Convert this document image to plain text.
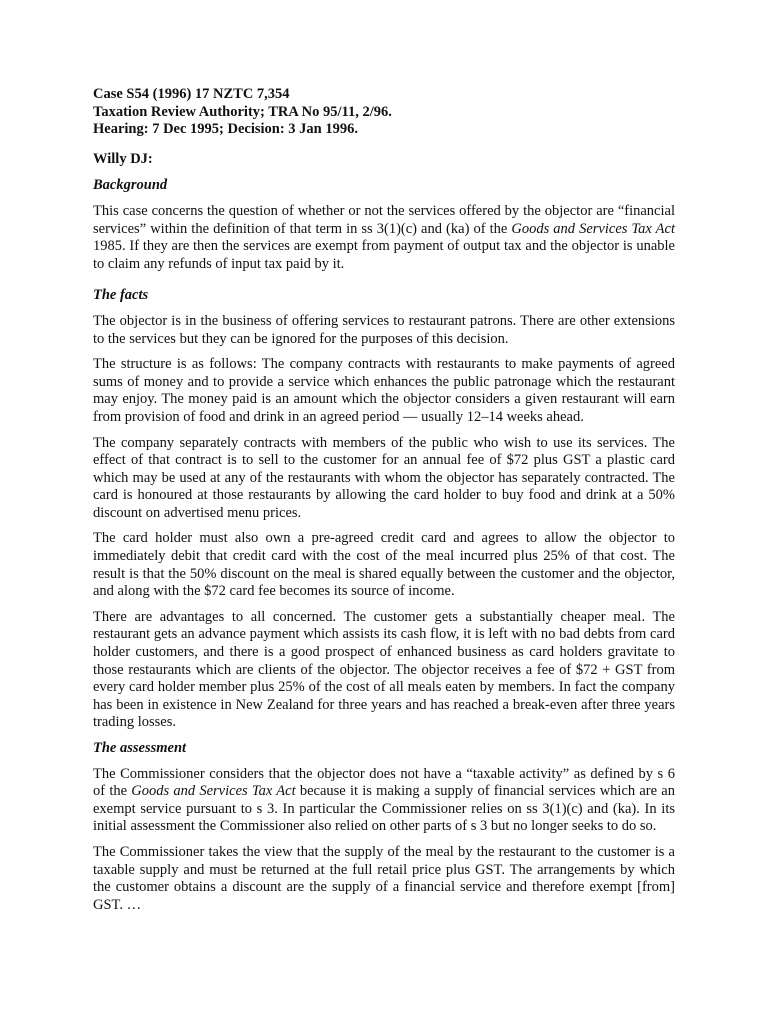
Case S54 (1996) 17 NZTC 7,354
Taxation Review Authority; TRA No 95/11, 2/96.
Hearing: 7 Dec 1995; Decision: 3 Jan 1996.
Willy DJ:
Background

This case concerns the question of whether or not the services offered by the objector are “financial services” within the definition of that term in ss 3(1)(c) and (ka) of the Goods and Services Tax Act 1985. If they are then the services are exempt from payment of output tax and the objector is unable to claim any refunds of input tax paid by it.

The facts

The objector is in the business of offering services to restaurant patrons. There are other extensions to the services but they can be ignored for the purposes of this decision.

The structure is as follows: The company contracts with restaurants to make payments of agreed sums of money and to provide a service which enhances the public patronage which the restaurant may enjoy. The money paid is an amount which the objector considers a given restaurant will earn from provision of food and drink in an agreed period — usually 12–14 weeks ahead.

The company separately contracts with members of the public who wish to use its services. The effect of that contract is to sell to the customer for an annual fee of $72 plus GST a plastic card which may be used at any of the restaurants with whom the objector has separately contracted. The card is honoured at those restaurants by allowing the card holder to buy food and drink at a 50% discount on advertised menu prices.

The card holder must also own a pre-agreed credit card and agrees to allow the objector to immediately debit that credit card with the cost of the meal incurred plus 25% of that cost. The result is that the 50% discount on the meal is shared equally between the customer and the objector, and along with the $72 card fee becomes its source of income.

There are advantages to all concerned. The customer gets a substantially cheaper meal. The restaurant gets an advance payment which assists its cash flow, it is left with no bad debts from card holder customers, and there is a good prospect of enhanced business as card holders gravitate to those restaurants which are clients of the objector. The objector receives a fee of $72 + GST from every card holder member plus 25% of the cost of all meals eaten by members. In fact the company has been in existence in New Zealand for three years and has reached a break-even after three years trading losses.

The assessment

The Commissioner considers that the objector does not have a “taxable activity” as defined by s 6 of the Goods and Services Tax Act because it is making a supply of financial services which are an exempt service pursuant to s 3. In particular the Commissioner relies on ss 3(1)(c) and (ka). In its initial assessment the Commissioner also relied on other parts of s 3 but no longer seeks to do so.

The Commissioner takes the view that the supply of the meal by the restaurant to the customer is a taxable supply and must be returned at the full retail price plus GST. The arrangements by which the customer obtains a discount are the supply of a financial service and therefore exempt [from] GST. …
